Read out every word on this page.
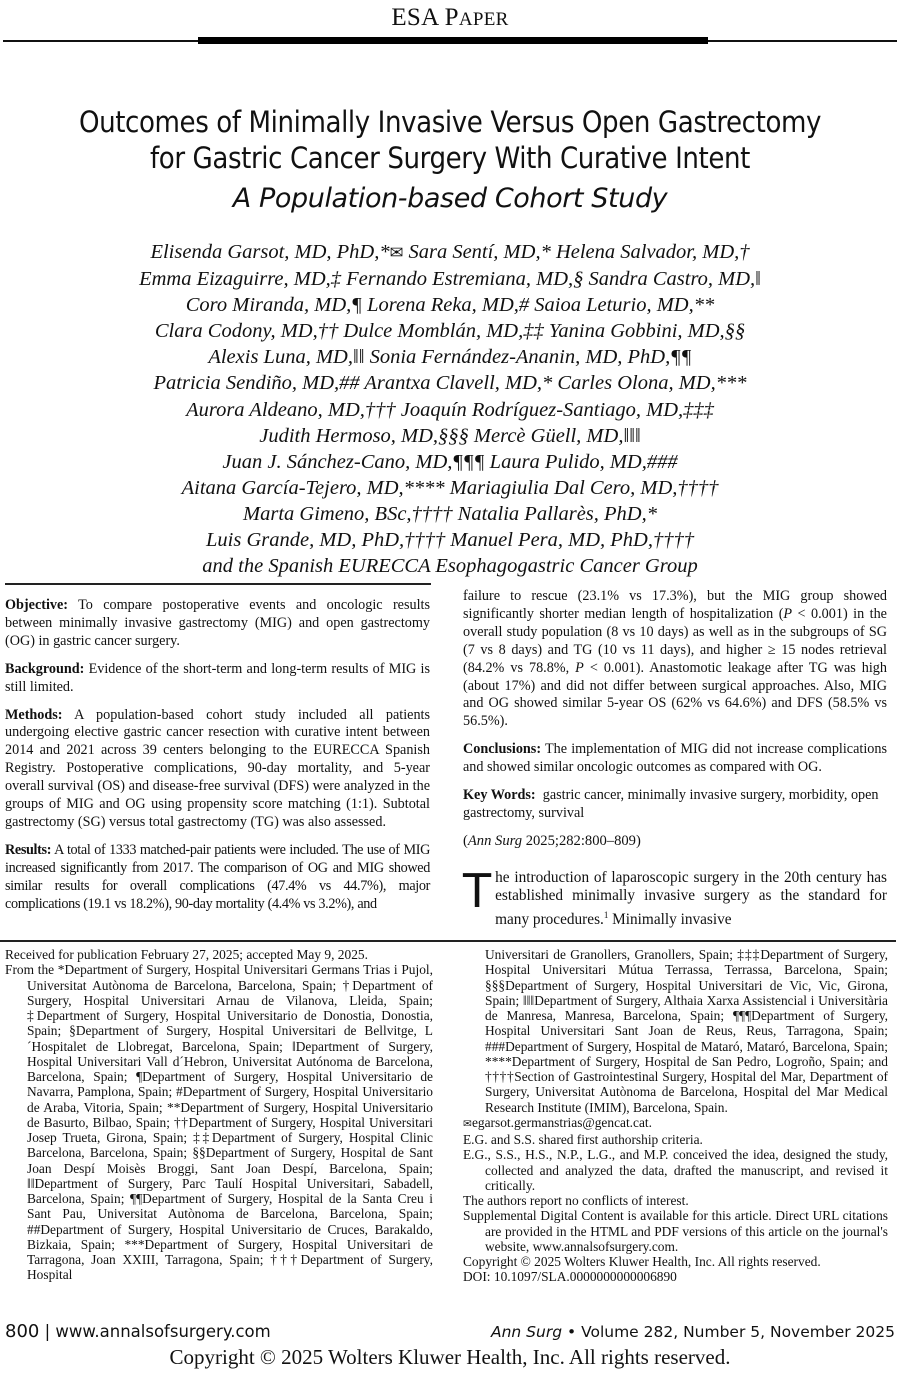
ESA PAPER
Outcomes of Minimally Invasive Versus Open Gastrectomy
for Gastric Cancer Surgery With Curative Intent
A Population-based Cohort Study
Elisenda Garsot, MD, PhD,*✉ Sara Sentí, MD,* Helena Salvador, MD,†
Emma Eizaguirre, MD,‡ Fernando Estremiana, MD,§ Sandra Castro, MD,‖
Coro Miranda, MD,¶ Lorena Reka, MD,# Saioa Leturio, MD,**
Clara Codony, MD,†† Dulce Momblán, MD,‡‡ Yanina Gobbini, MD,§§
Alexis Luna, MD,‖‖ Sonia Fernández-Ananin, MD, PhD,¶¶
Patricia Sendiño, MD,## Arantxa Clavell, MD,* Carles Olona, MD,***
Aurora Aldeano, MD,††† Joaquín Rodríguez-Santiago, MD,‡‡‡
Judith Hermoso, MD,§§§ Mercè Güell, MD,‖‖‖
Juan J. Sánchez-Cano, MD,¶¶¶ Laura Pulido, MD,###
Aitana García-Tejero, MD,**** Mariagiulia Dal Cero, MD,††††
Marta Gimeno, BSc,†††† Natalia Pallarès, PhD,*
Luis Grande, MD, PhD,†††† Manuel Pera, MD, PhD,††††
and the Spanish EURECCA Esophagogastric Cancer Group

Objective: To compare postoperative events and oncologic results between minimally invasive gastrectomy (MIG) and open gastrectomy (OG) in gastric cancer surgery.

Background: Evidence of the short-term and long-term results of MIG is still limited.

Methods: A population-based cohort study included all patients undergoing elective gastric cancer resection with curative intent between 2014 and 2021 across 39 centers belonging to the EURECCA Spanish Registry. Postoperative complications, 90-day mortality, and 5-year overall survival (OS) and disease-free survival (DFS) were analyzed in the groups of MIG and OG using propensity score matching (1:1). Subtotal gastrectomy (SG) versus total gastrectomy (TG) was also assessed.

Results: A total of 1333 matched-pair patients were included. The use of MIG increased significantly from 2017. The comparison of OG and MIG showed similar results for overall complications (47.4% vs 44.7%), major complications (19.1 vs 18.2%), 90-day mortality (4.4% vs 3.2%), and

failure to rescue (23.1% vs 17.3%), but the MIG group showed significantly shorter median length of hospitalization (P < 0.001) in the overall study population (8 vs 10 days) as well as in the subgroups of SG (7 vs 8 days) and TG (10 vs 11 days), and higher ≥ 15 nodes retrieval (84.2% vs 78.8%, P < 0.001). Anastomotic leakage after TG was high (about 17%) and did not differ between surgical approaches. Also, MIG and OG showed similar 5-year OS (62% vs 64.6%) and DFS (58.5% vs 56.5%).

Conclusions: The implementation of MIG did not increase complications and showed similar oncologic outcomes as compared with OG.

Key Words:  gastric cancer, minimally invasive surgery, morbidity, open gastrectomy, survival

(Ann Surg 2025;282:800–809)

The introduction of laparoscopic surgery in the 20th century has established minimally invasive surgery as the standard for many procedures.$^1$ Minimally invasive
Received for publication February 27, 2025; accepted May 9, 2025.
From the *Department of Surgery, Hospital Universitari Germans Trias i Pujol, Universitat Autònoma de Barcelona, Barcelona, Spain; †Department of Surgery, Hospital Universitari Arnau de Vilanova, Lleida, Spain; ‡Department of Surgery, Hospital Universitario de Donostia, Donostia, Spain; §Department of Surgery, Hospital Universitari de Bellvitge, L´Hospitalet de Llobregat, Barcelona, Spain; ‖Department of Surgery, Hospital Universitari Vall d´Hebron, Universitat Autónoma de Barcelona, Barcelona, Spain; ¶Department of Surgery, Hospital Universitario de Navarra, Pamplona, Spain; #Department of Surgery, Hospital Universitario de Araba, Vitoria, Spain; **Department of Surgery, Hospital Universitario de Basurto, Bilbao, Spain; ††Department of Surgery, Hospital Universitari Josep Trueta, Girona, Spain; ‡‡Department of Surgery, Hospital Clinic Barcelona, Barcelona, Spain; §§Department of Surgery, Hospital de Sant Joan Despí Moisès Broggi, Sant Joan Despí, Barcelona, Spain; ‖‖Department of Surgery, Parc Taulí Hospital Universitari, Sabadell, Barcelona, Spain; ¶¶Department of Surgery, Hospital de la Santa Creu i Sant Pau, Universitat Autònoma de Barcelona, Barcelona, Spain; ##Department of Surgery, Hospital Universitario de Cruces, Barakaldo, Bizkaia, Spain; ***Department of Surgery, Hospital Universitari de Tarragona, Joan XXIII, Tarragona, Spain; †††Department of Surgery, Hospital
Universitari de Granollers, Granollers, Spain; ‡‡‡Department of Surgery, Hospital Universitari Mútua Terrassa, Terrassa, Barcelona, Spain; §§§Department of Surgery, Hospital Universitari de Vic, Vic, Girona, Spain; ‖‖‖Department of Surgery, Althaia Xarxa Assistencial i Universitària de Manresa, Manresa, Barcelona, Spain; ¶¶¶Department of Surgery, Hospital Universitari Sant Joan de Reus, Reus, Tarragona, Spain; ###Department of Surgery, Hospital de Mataró, Mataró, Barcelona, Spain; ****Department of Surgery, Hospital de San Pedro, Logroño, Spain; and ††††Section of Gastrointestinal Surgery, Hospital del Mar, Department of Surgery, Universitat Autònoma de Barcelona, Hospital del Mar Medical Research Institute (IMIM), Barcelona, Spain.
✉egarsot.germanstrias@gencat.cat.
E.G. and S.S. shared first authorship criteria.
E.G., S.S., H.S., N.P., L.G., and M.P. conceived the idea, designed the study, collected and analyzed the data, drafted the manuscript, and revised it critically.
The authors report no conflicts of interest.
Supplemental Digital Content is available for this article. Direct URL citations are provided in the HTML and PDF versions of this article on the journal's website, www.annalsofsurgery.com.
Copyright © 2025 Wolters Kluwer Health, Inc. All rights reserved.
DOI: 10.1097/SLA.0000000000006890
800 | www.annalsofsurgery.com	Ann Surg • Volume 282, Number 5, November 2025
Copyright © 2025 Wolters Kluwer Health, Inc. All rights reserved.
